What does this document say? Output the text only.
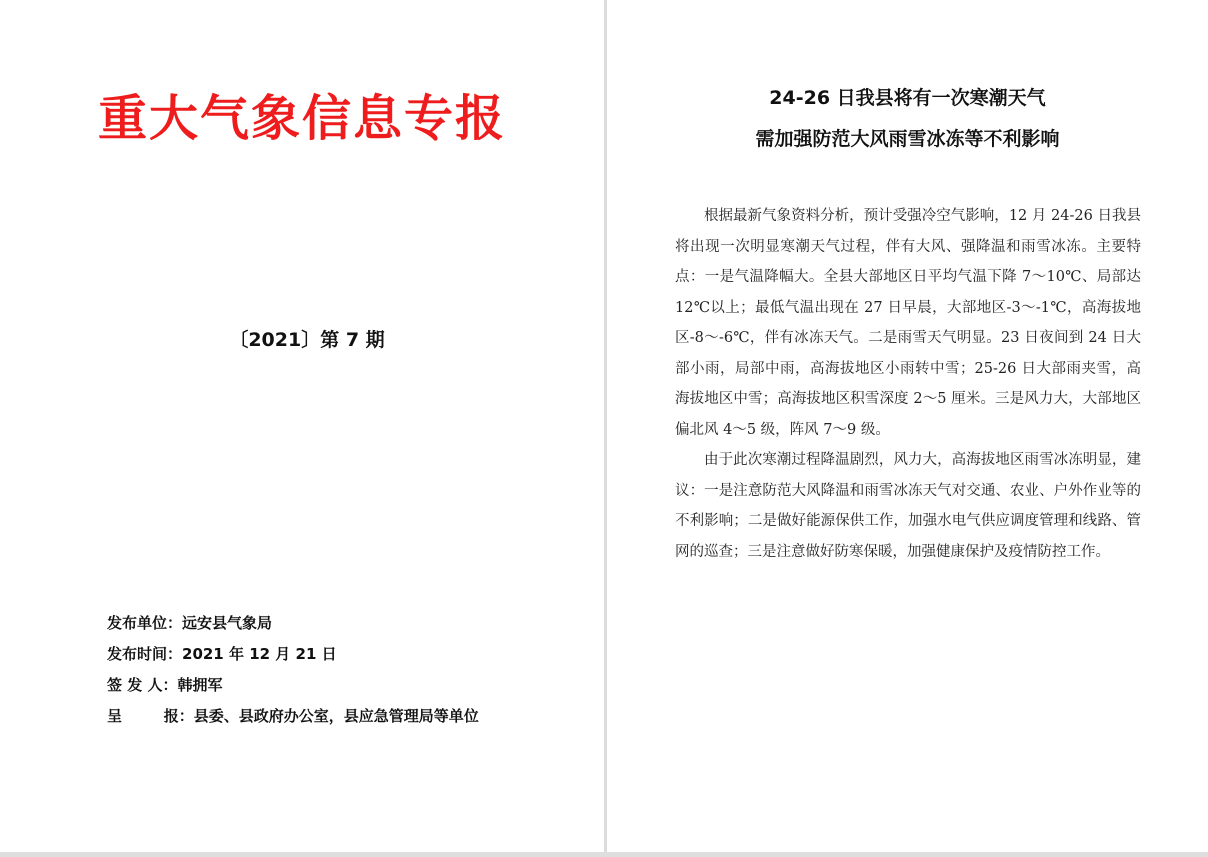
重大气象信息专报
〔2021〕第 7 期
发布单位：远安县气象局
发布时间：2021 年 12 月 21 日
签 发 人：韩拥军
呈        报：县委、县政府办公室，县应急管理局等单位
24-26 日我县将有一次寒潮天气
需加强防范大风雨雪冰冻等不利影响

根据最新气象资料分析，预计受强冷空气影响，12 月 24-26 日我县将出现一次明显寒潮天气过程，伴有大风、强降温和雨雪冰冻。主要特点：一是气温降幅大。全县大部地区日平均气温下降 7～10℃、局部达 12℃以上；最低气温出现在 27 日早晨，大部地区-3～-1℃，高海拔地区-8～-6℃，伴有冰冻天气。二是雨雪天气明显。23 日夜间到 24 日大部小雨，局部中雨，高海拔地区小雨转中雪；25-26 日大部雨夹雪，高海拔地区中雪；高海拔地区积雪深度 2～5 厘米。三是风力大，大部地区偏北风 4～5 级，阵风 7～9 级。

由于此次寒潮过程降温剧烈，风力大，高海拔地区雨雪冰冻明显，建议：一是注意防范大风降温和雨雪冰冻天气对交通、农业、户外作业等的不利影响；二是做好能源保供工作，加强水电气供应调度管理和线路、管网的巡查；三是注意做好防寒保暖，加强健康保护及疫情防控工作。
